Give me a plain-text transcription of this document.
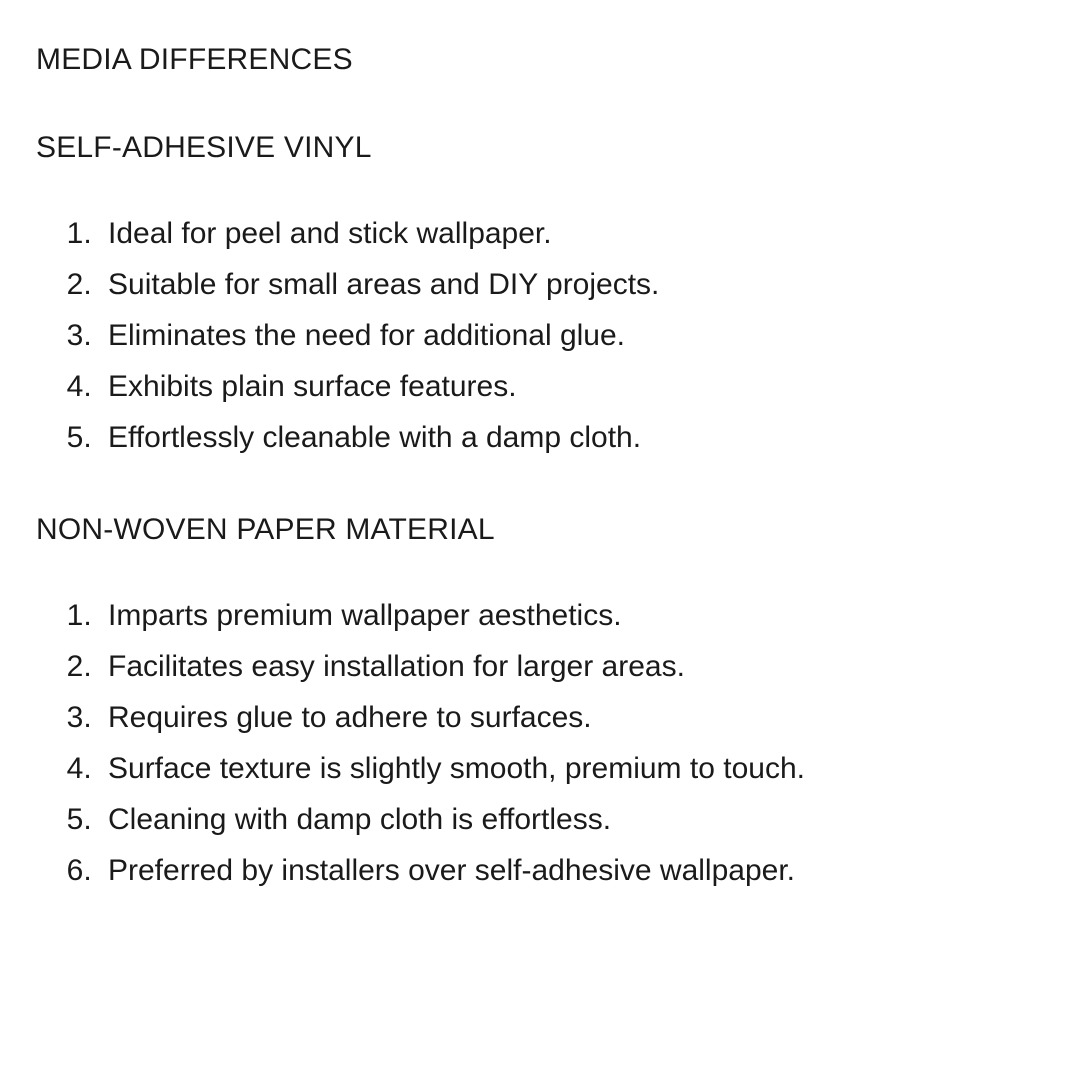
MEDIA DIFFERENCES
SELF-ADHESIVE VINYL
1. Ideal for peel and stick wallpaper.
2. Suitable for small areas and DIY projects.
3. Eliminates the need for additional glue.
4. Exhibits plain surface features.
5. Effortlessly cleanable with a damp cloth.
NON-WOVEN PAPER MATERIAL
1. Imparts premium wallpaper aesthetics.
2. Facilitates easy installation for larger areas.
3. Requires glue to adhere to surfaces.
4. Surface texture is slightly smooth, premium to touch.
5. Cleaning with damp cloth is effortless.
6. Preferred by installers over self-adhesive wallpaper.
